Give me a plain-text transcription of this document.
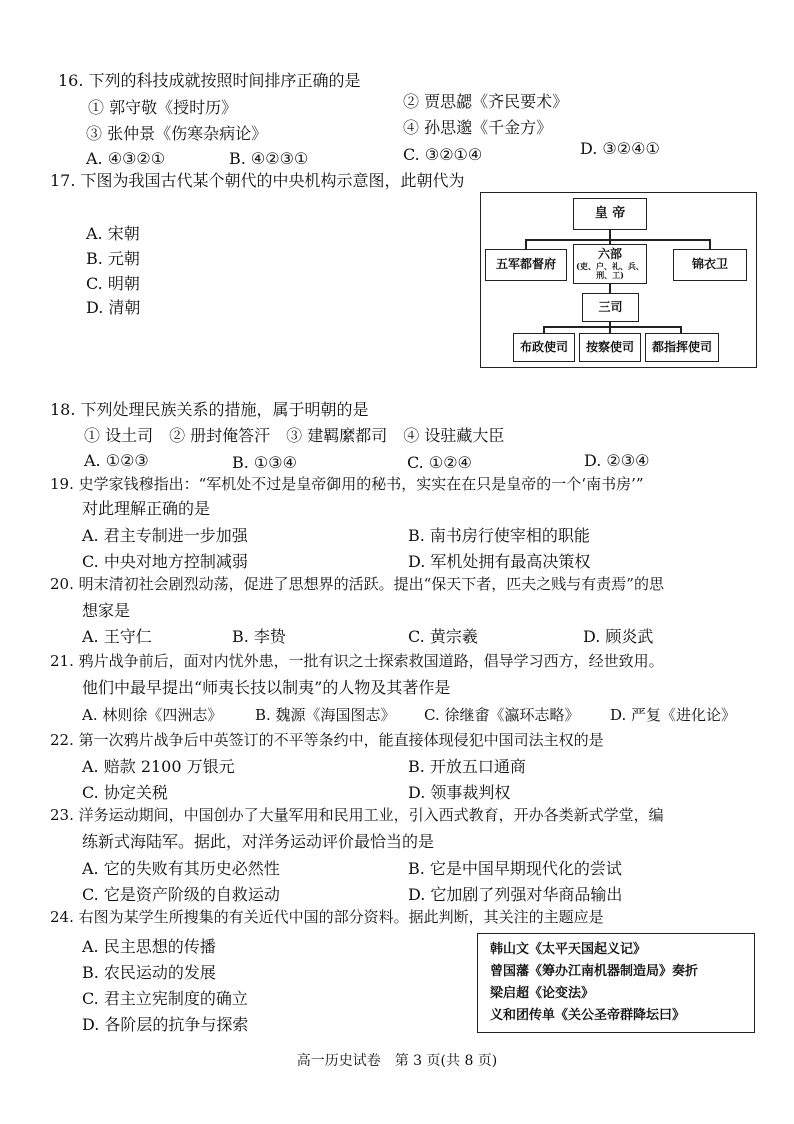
16. 下列的科技成就按照时间排序正确的是
① 郭守敬《授时历》	② 贾思勰《齐民要术》
③ 张仲景《伤寒杂病论》	④ 孙思邈《千金方》
A. ④③②①	B. ④②③①	C. ③②①④	D. ③②④①
17. 下图为我国古代某个朝代的中央机构示意图，此朝代为
A. 宋朝
B. 元朝
C. 明朝
D. 清朝
皇 帝
五军都督府
六部
(吏、户、礼、兵、
刑、工)
锦衣卫
三司
布政使司	按察使司	都指挥使司
18. 下列处理民族关系的措施，属于明朝的是
① 设土司　② 册封俺答汗　③ 建羁縻都司　④ 设驻藏大臣
A. ①②③	B. ①③④	C. ①②④	D. ②③④
19. 史学家钱穆指出：“军机处不过是皇帝御用的秘书，实实在在只是皇帝的一个‘南书房’”
对此理解正确的是
A. 君主专制进一步加强	B. 南书房行使宰相的职能
C. 中央对地方控制减弱	D. 军机处拥有最高决策权
20. 明末清初社会剧烈动荡，促进了思想界的活跃。提出“保天下者，匹夫之贱与有责焉”的思
想家是
A. 王守仁	B. 李贽	C. 黄宗羲	D. 顾炎武
21. 鸦片战争前后，面对内忧外患，一批有识之士探索救国道路，倡导学习西方，经世致用。
他们中最早提出“师夷长技以制夷”的人物及其著作是
A. 林则徐《四洲志》 B. 魏源《海国图志》 C. 徐继畬《瀛环志略》 D. 严复《进化论》
22. 第一次鸦片战争后中英签订的不平等条约中，能直接体现侵犯中国司法主权的是
A. 赔款 2100 万银元	B. 开放五口通商
C. 协定关税	D. 领事裁判权
23. 洋务运动期间，中国创办了大量军用和民用工业，引入西式教育，开办各类新式学堂，编
练新式海陆军。据此，对洋务运动评价最恰当的是
A. 它的失败有其历史必然性	B. 它是中国早期现代化的尝试
C. 它是资产阶级的自救运动	D. 它加剧了列强对华商品输出
24. 右图为某学生所搜集的有关近代中国的部分资料。据此判断，其关注的主题应是
A. 民主思想的传播
B. 农民运动的发展
C. 君主立宪制度的确立
D. 各阶层的抗争与探索
韩山文《太平天国起义记》
曾国藩《筹办江南机器制造局》奏折
梁启超《论变法》
义和团传单《关公圣帝群降坛曰》
高一历史试卷　第 3 页(共 8 页)
